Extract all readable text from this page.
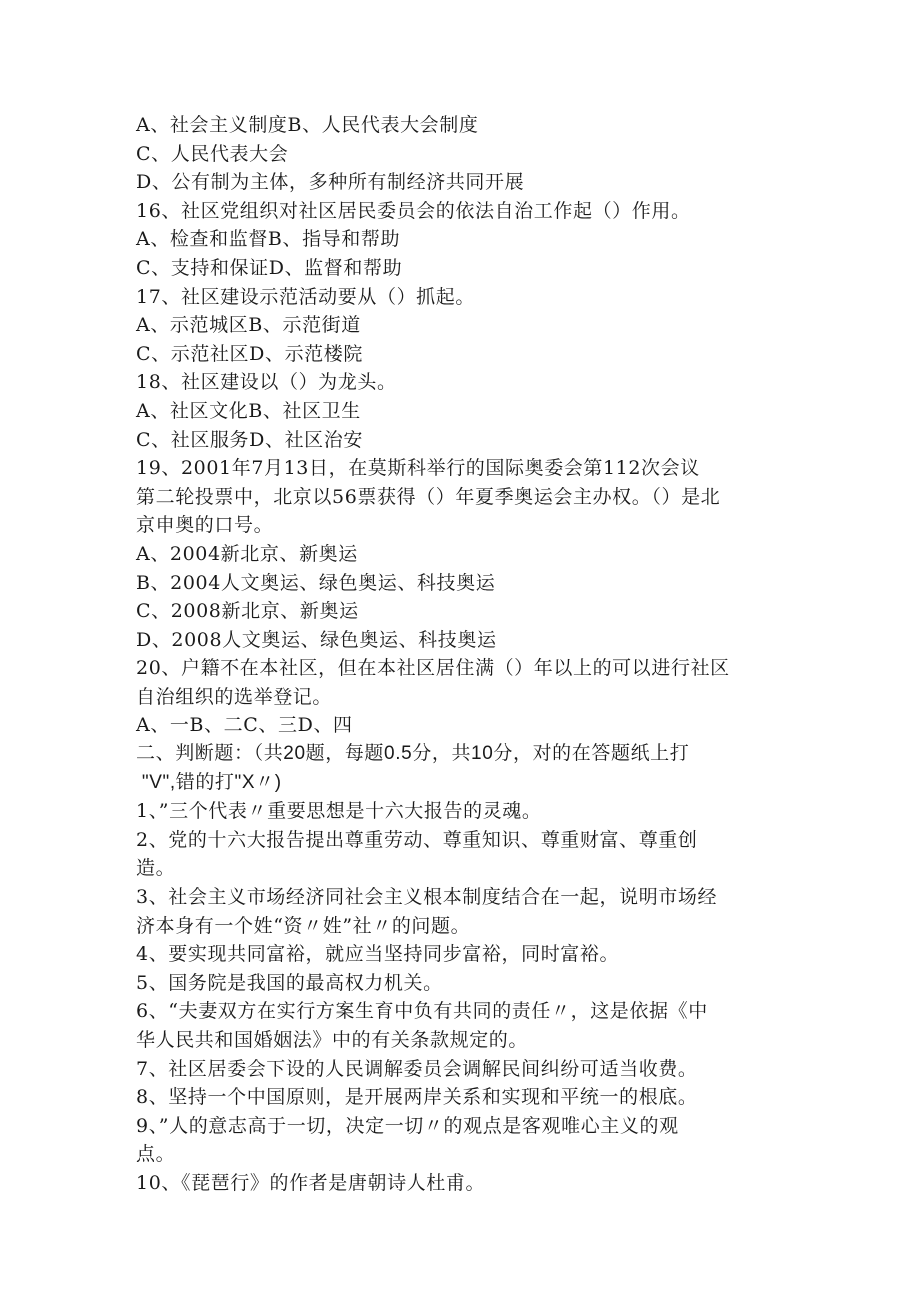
A、社会主义制度B、人民代表大会制度
C、人民代表大会
D、公有制为主体，多种所有制经济共同开展
16、社区党组织对社区居民委员会的依法自治工作起（）作用。
A、检查和监督B、指导和帮助
C、支持和保证D、监督和帮助
17、社区建设示范活动要从（）抓起。
A、示范城区B、示范街道
C、示范社区D、示范楼院
18、社区建设以（）为龙头。
A、社区文化B、社区卫生
C、社区服务D、社区治安
19、2001年7月13日，在莫斯科举行的国际奥委会第112次会议
第二轮投票中，北京以56票获得（）年夏季奥运会主办权。（）是北
京申奥的口号。
A、2004新北京、新奥运
B、2004人文奥运、绿色奥运、科技奥运
C、2008新北京、新奥运
D、2008人文奥运、绿色奥运、科技奥运
20、户籍不在本社区，但在本社区居住满（）年以上的可以进行社区
自治组织的选举登记。
A、一B、二C、三D、四
二、判断题：（共20题，每题0.5分，共10分，对的在答题纸上打
"V",错的打"X〃)
1、”三个代表〃重要思想是十六大报告的灵魂。
2、党的十六大报告提出尊重劳动、尊重知识、尊重财富、尊重创
造。
3、社会主义市场经济同社会主义根本制度结合在一起，说明市场经
济本身有一个姓“资〃姓”社〃的问题。
4、要实现共同富裕，就应当坚持同步富裕，同时富裕。
5、国务院是我国的最高权力机关。
6、“夫妻双方在实行方案生育中负有共同的责任〃，这是依据《中
华人民共和国婚姻法》中的有关条款规定的。
7、社区居委会下设的人民调解委员会调解民间纠纷可适当收费。
8、坚持一个中国原则，是开展两岸关系和实现和平统一的根底。
9、”人的意志高于一切，决定一切〃的观点是客观唯心主义的观
点。
10、《琵琶行》的作者是唐朝诗人杜甫。
